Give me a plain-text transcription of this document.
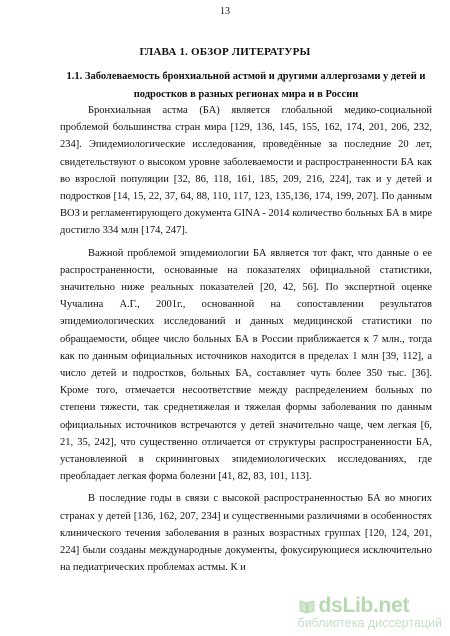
13
ГЛАВА 1. ОБЗОР ЛИТЕРАТУРЫ
1.1. Заболеваемость бронхиальной астмой и другими аллергозами у детей и подростков в разных регионах мира и в России

Бронхиальная астма (БА) является глобальной медико-социальной проблемой большинства стран мира [129, 136, 145, 155, 162, 174, 201, 206, 232, 234]. Эпидемиологические исследования, проведённые за последние 20 лет, свидетельствуют о высоком уровне заболеваемости и распространенности БА как во взрослой популяции [32, 86, 118, 161, 185, 209, 216, 224], так и у детей и подростков [14, 15, 22, 37, 64, 88, 110, 117, 123, 135,136, 174, 199, 207]. По данным ВОЗ и регламентирующего документа GINA - 2014 количество больных БА в мире достигло 334 млн [174, 247].

Важной проблемой эпидемиологии БА является тот факт, что данные о ее распространенности, основанные на показателях официальной статистики, значительно ниже реальных показателей [20, 42, 56]. По экспертной оценке Чучалина А.Г., 2001г., основанной на сопоставлении результатов эпидемиологических исследований и данных медицинской статистики по обращаемости, общее число больных БА в России приближается к 7 млн., тогда как по данным официальных источников находится в пределах 1 млн [39, 112], а число детей и подростков, больных БА, составляет чуть более 350 тыс. [36]. Кроме того, отмечается несоответствие между распределением больных по степени тяжести, так среднетяжелая и тяжелая формы заболевания по данным официальных источников встречаются у детей значительно чаще, чем легкая [6, 21, 35, 242], что существенно отличается от структуры распространенности БА, установленной в скрининговых эпидемиологических исследованиях, где преобладает легкая форма болезни [41, 82, 83, 101, 113].

В последние годы в связи с высокой распространенностью БА во многих странах у детей [136, 162, 207, 234] и существенными различиями в особенностях клинического течения заболевания в разных возрастных группах [120, 124, 201, 224] были созданы международные документы, фокусирующиеся исключительно на педиатрических проблемах астмы. К и

dsLib.net
библиотека диссертаций
